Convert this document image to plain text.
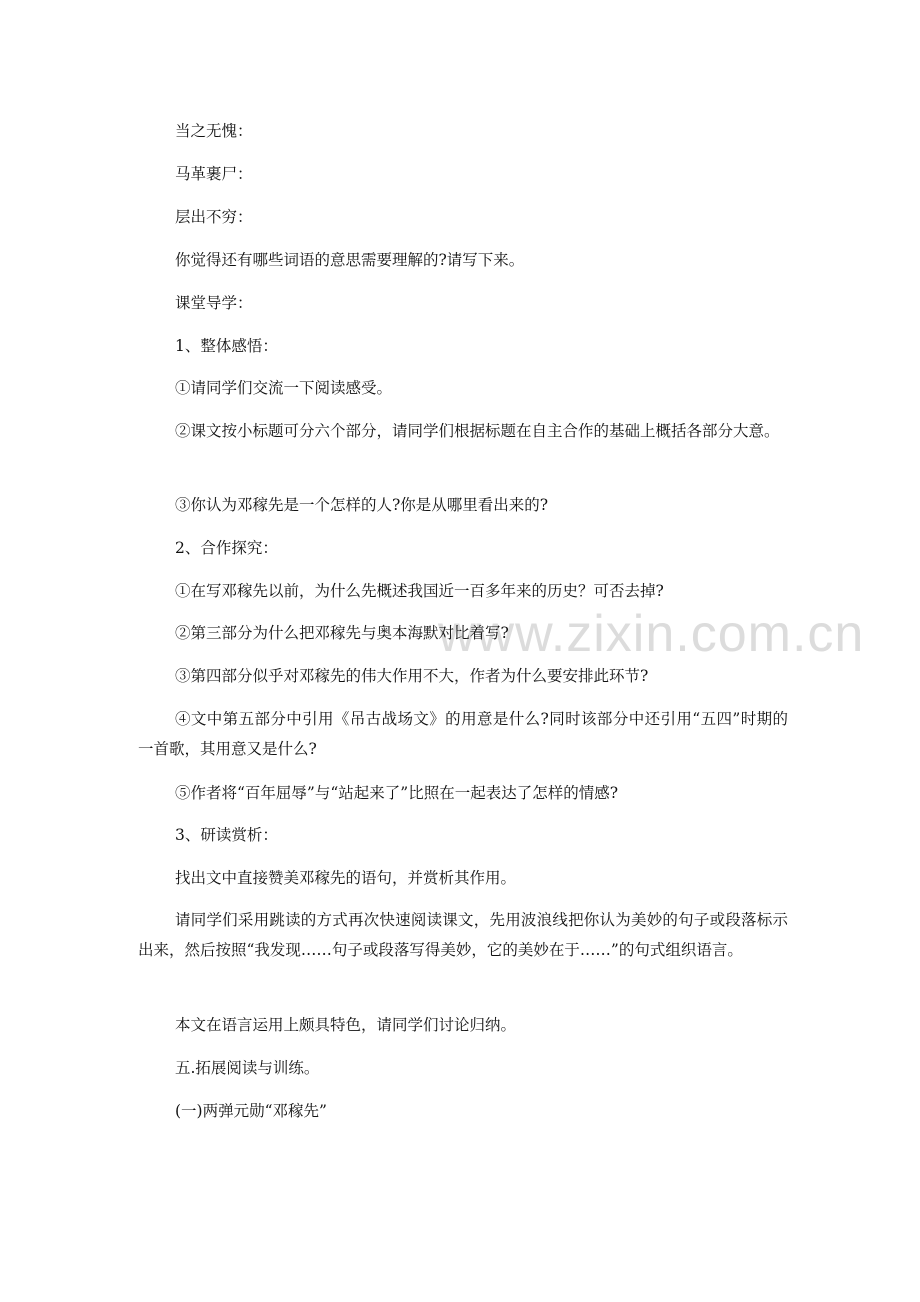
www.zixin.com.cn

当之无愧：

马革裹尸：

层出不穷：

你觉得还有哪些词语的意思需要理解的?请写下来。

课堂导学：

1、整体感悟：

①请同学们交流一下阅读感受。

②课文按小标题可分六个部分，请同学们根据标题在自主合作的基础上概括各部分大意。

③你认为邓稼先是一个怎样的人?你是从哪里看出来的?

2、合作探究：

①在写邓稼先以前，为什么先概述我国近一百多年来的历史？可否去掉?

②第三部分为什么把邓稼先与奥本海默对比着写?

③第四部分似乎对邓稼先的伟大作用不大，作者为什么要安排此环节?

④文中第五部分中引用《吊古战场文》的用意是什么?同时该部分中还引用“五四”时期的一首歌，其用意又是什么?

⑤作者将“百年屈辱”与“站起来了”比照在一起表达了怎样的情感?

3、研读赏析：

找出文中直接赞美邓稼先的语句，并赏析其作用。

请同学们采用跳读的方式再次快速阅读课文，先用波浪线把你认为美妙的句子或段落标示出来，然后按照“我发现……句子或段落写得美妙，它的美妙在于……”的句式组织语言。

本文在语言运用上颇具特色，请同学们讨论归纳。

五.拓展阅读与训练。

(一)两弹元勋“邓稼先”
